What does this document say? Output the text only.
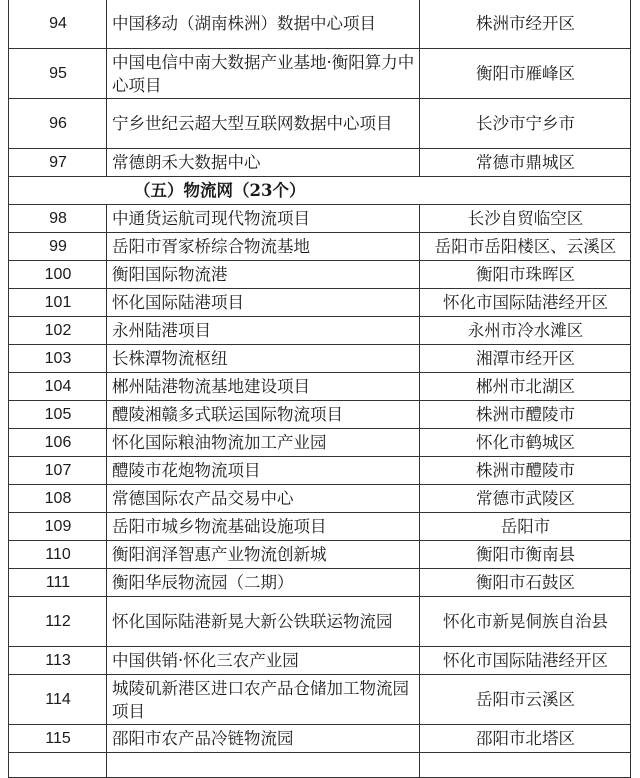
94	中国移动（湖南株洲）数据中心项目	株洲市经开区
95	中国电信中南大数据产业基地·衡阳算力中心项目	衡阳市雁峰区
96	宁乡世纪云超大型互联网数据中心项目	长沙市宁乡市
97	常德朗禾大数据中心	常德市鼎城区
（五）物流网（23个）		
98	中通货运航司现代物流项目	长沙自贸临空区
99	岳阳市胥家桥综合物流基地	岳阳市岳阳楼区、云溪区
100	衡阳国际物流港	衡阳市珠晖区
101	怀化国际陆港项目	怀化市国际陆港经开区
102	永州陆港项目	永州市冷水滩区
103	长株潭物流枢纽	湘潭市经开区
104	郴州陆港物流基地建设项目	郴州市北湖区
105	醴陵湘赣多式联运国际物流项目	株洲市醴陵市
106	怀化国际粮油物流加工产业园	怀化市鹤城区
107	醴陵市花炮物流项目	株洲市醴陵市
108	常德国际农产品交易中心	常德市武陵区
109	岳阳市城乡物流基础设施项目	岳阳市
110	衡阳润泽智惠产业物流创新城	衡阳市衡南县
111	衡阳华辰物流园（二期）	衡阳市石鼓区
112	怀化国际陆港新晃大新公铁联运物流园	怀化市新晃侗族自治县
113	中国供销·怀化三农产业园	怀化市国际陆港经开区
114	城陵矶新港区进口农产品仓储加工物流园项目	岳阳市云溪区
115	邵阳市农产品冷链物流园	邵阳市北塔区
